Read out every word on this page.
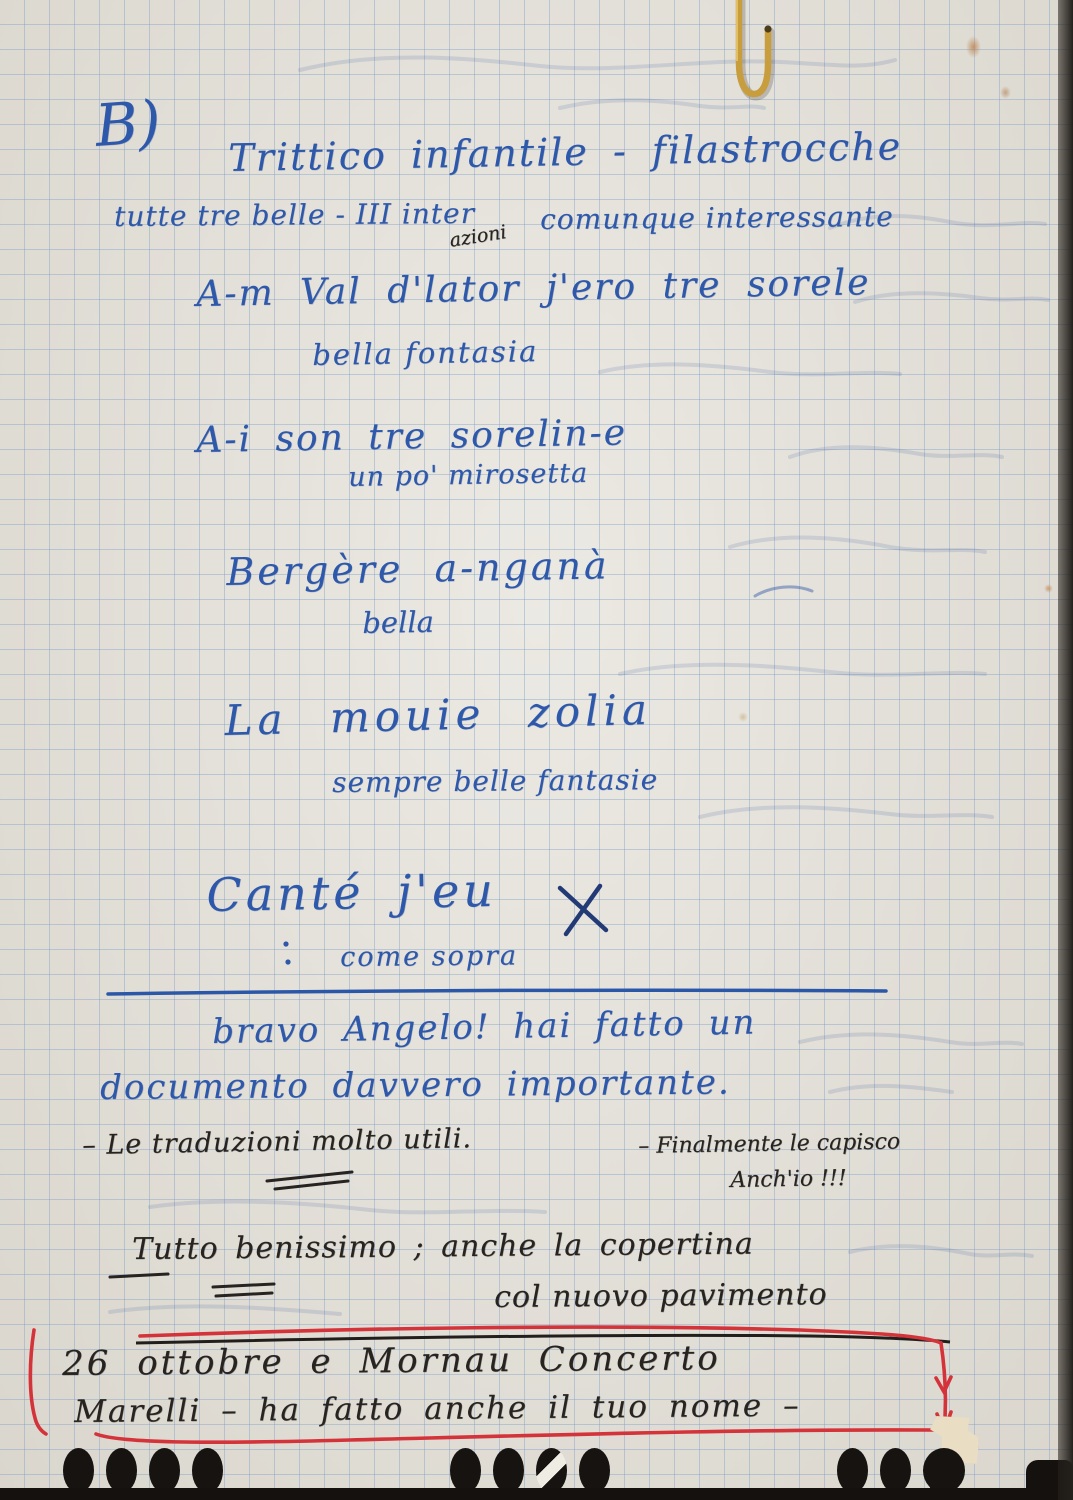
B) Trittico infantile - filastrocche
tutte tre belle - III inter
azioni
comunque interessante
A-m Val d'lator j'ero tre sorele
bella fontasia
A-i son tre sorelin-e
un po' mirosetta
Bergère a-nganà
bella
La mouie zolia
sempre belle fantasie
Canté j'eu
come sopra
bravo Angelo! hai fatto un
documento davvero importante.
– Le traduzioni molto utili.	– Finalmente le capisco
Anch'io !!!
Tutto benissimo ; anche la copertina
col nuovo pavimento
26 ottobre e Mornau Concerto
Marelli – ha fatto anche il tuo nome –
